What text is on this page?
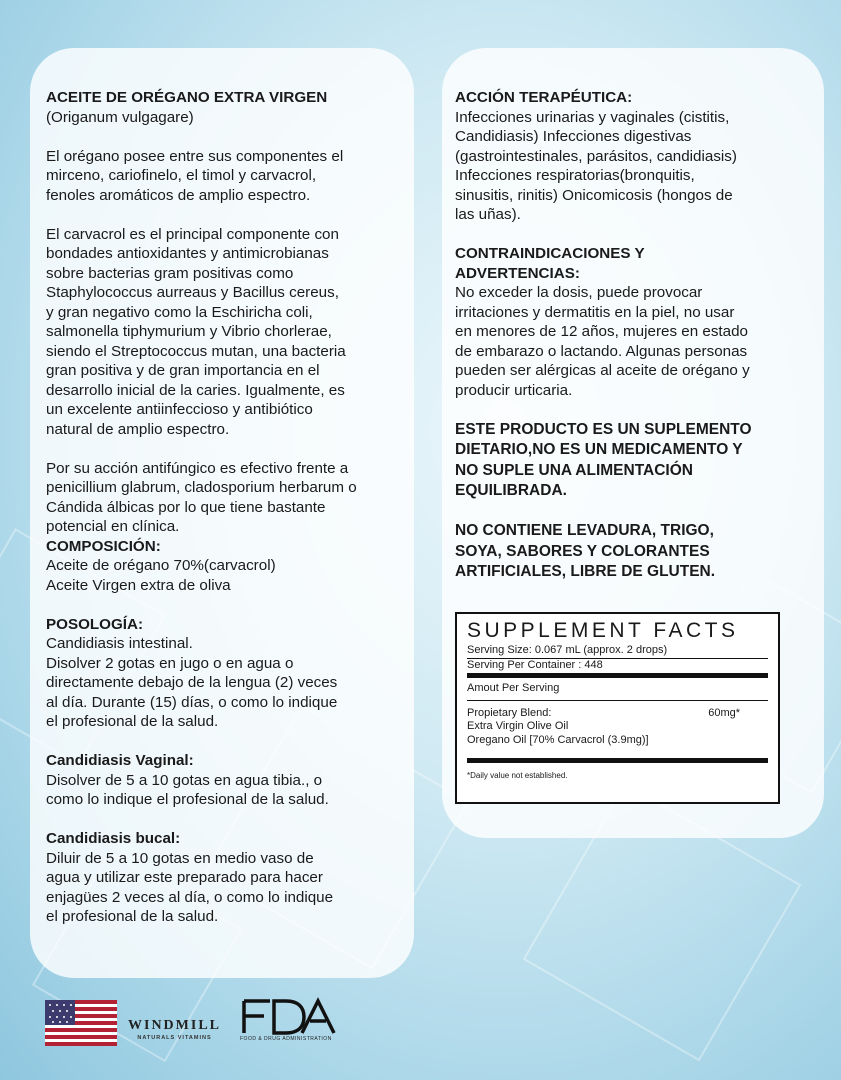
ACEITE DE ORÉGANO EXTRA VIRGEN
(Origanum vulgagare)
El orégano posee entre sus componentes el
mirceno, cariofinelo, el timol y carvacrol,
fenoles aromáticos de amplio espectro.
El carvacrol es el principal componente con
bondades antioxidantes y antimicrobianas
sobre bacterias gram positivas como
Staphylococcus aurreaus y Bacillus cereus,
y gran negativo como la Eschiricha coli,
salmonella tiphymurium y Vibrio chorlerae,
siendo el Streptococcus mutan, una bacteria
gran positiva y de gran importancia en el
desarrollo inicial de la caries. Igualmente, es
un excelente antiinfeccioso y antibiótico
natural de amplio espectro.
Por su acción antifúngico es efectivo frente a
penicillium glabrum, cladosporium herbarum o
Cándida álbicas por lo que tiene bastante
potencial en clínica.
COMPOSICIÓN:
Aceite de orégano 70%(carvacrol)
Aceite Virgen extra de oliva
POSOLOGÍA:
Candidiasis intestinal.
Disolver 2 gotas en jugo o en agua o
directamente debajo de la lengua (2) veces
al día. Durante (15) días, o como lo indique
el profesional de la salud.
Candidiasis Vaginal:
Disolver de 5 a 10 gotas en agua tibia., o
como lo indique el profesional de la salud.
Candidiasis bucal:
Diluir de 5 a 10 gotas en medio vaso de
agua y utilizar este preparado para hacer
enjagües 2 veces al día, o como lo indique
el profesional de la salud.
ACCIÓN TERAPÉUTICA:
Infecciones urinarias y vaginales (cistitis,
Candidiasis) Infecciones digestivas
(gastrointestinales, parásitos, candidiasis)
Infecciones respiratorias(bronquitis,
sinusitis, rinitis) Onicomicosis (hongos de
las uñas).
CONTRAINDICACIONES Y
ADVERTENCIAS:
No exceder la dosis, puede provocar
irritaciones y dermatitis en la piel, no usar
en menores de 12 años, mujeres en estado
de embarazo o lactando. Algunas personas
pueden ser alérgicas al aceite de orégano y
producir urticaria.
ESTE PRODUCTO ES UN SUPLEMENTO
DIETARIO,NO ES UN MEDICAMENTO Y
NO SUPLE UNA ALIMENTACIÓN
EQUILIBRADA.
NO CONTIENE LEVADURA, TRIGO,
SOYA, SABORES Y COLORANTES
ARTIFICIALES, LIBRE DE GLUTEN.
SUPPLEMENT FACTS
Serving Size: 0.067 mL (approx. 2 drops)
Serving Per Container : 448
Amout Per Serving
Propietary Blend:	60mg*
Extra Virgin Olive Oil
Oregano Oil [70% Carvacrol (3.9mg)]
*Daily value not established.
WINDMILL
NATURALS VITAMINS	FOOD & DRUG ADMINISTRATION
